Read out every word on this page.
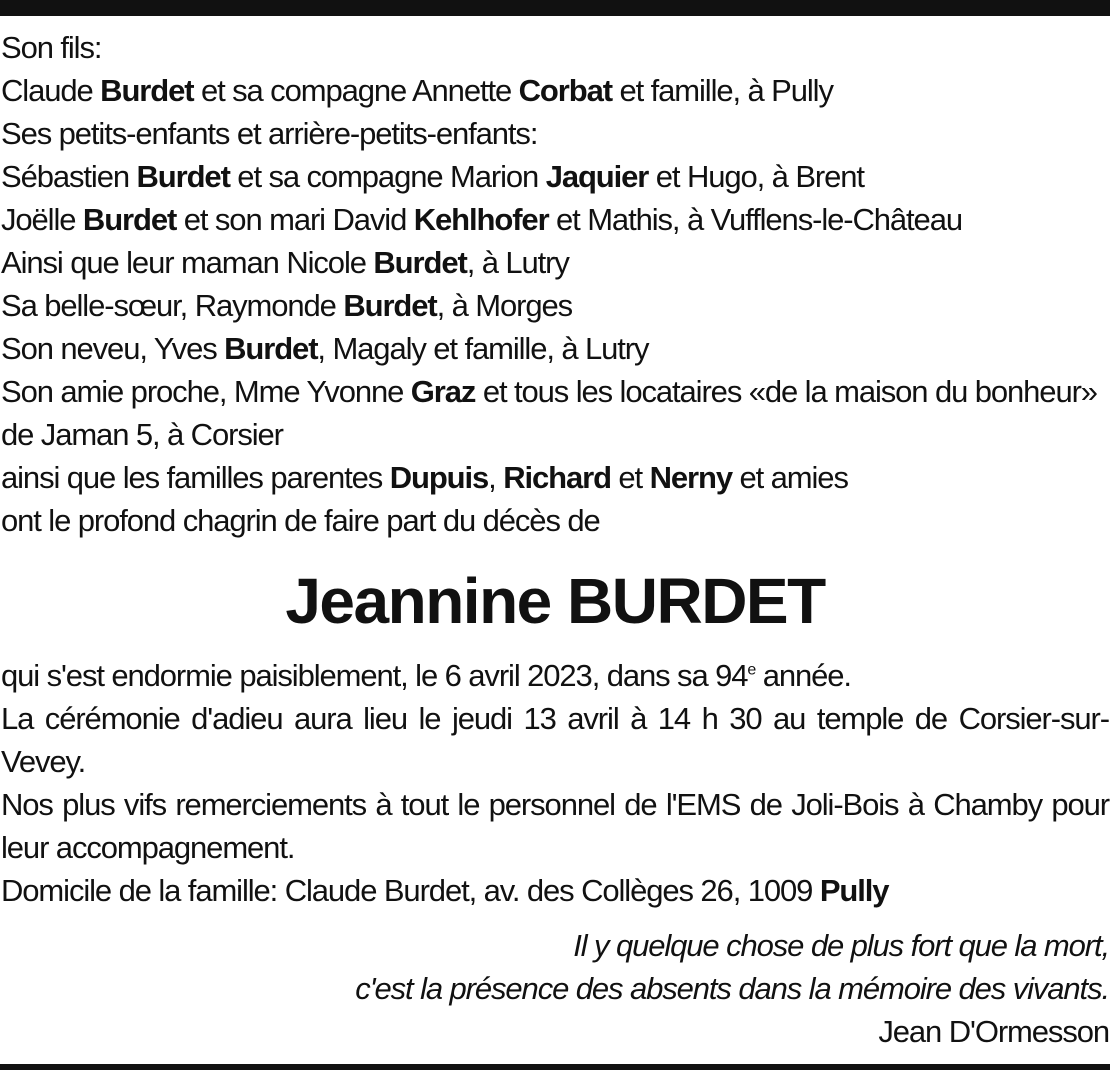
Son fils:
Claude Burdet et sa compagne Annette Corbat et famille, à Pully
Ses petits-enfants et arrière-petits-enfants:
Sébastien Burdet et sa compagne Marion Jaquier et Hugo, à Brent
Joëlle Burdet et son mari David Kehlhofer et Mathis, à Vufflens-le-Château
Ainsi que leur maman Nicole Burdet, à Lutry
Sa belle-sœur, Raymonde Burdet, à Morges
Son neveu, Yves Burdet, Magaly et famille, à Lutry
Son amie proche, Mme Yvonne Graz et tous les locataires «de la maison du bonheur» de Jaman 5, à Corsier
ainsi que les familles parentes Dupuis, Richard et Nerny et amies
ont le profond chagrin de faire part du décès de
Jeannine BURDET
qui s'est endormie paisiblement, le 6 avril 2023, dans sa 94e année.
La cérémonie d'adieu aura lieu le jeudi 13 avril à 14 h 30 au temple de Corsier-sur-Vevey.
Nos plus vifs remerciements à tout le personnel de l'EMS de Joli-Bois à Chamby pour leur accompagnement.
Domicile de la famille: Claude Burdet, av. des Collèges 26, 1009 Pully
Il y quelque chose de plus fort que la mort,
c'est la présence des absents dans la mémoire des vivants.
Jean D'Ormesson
